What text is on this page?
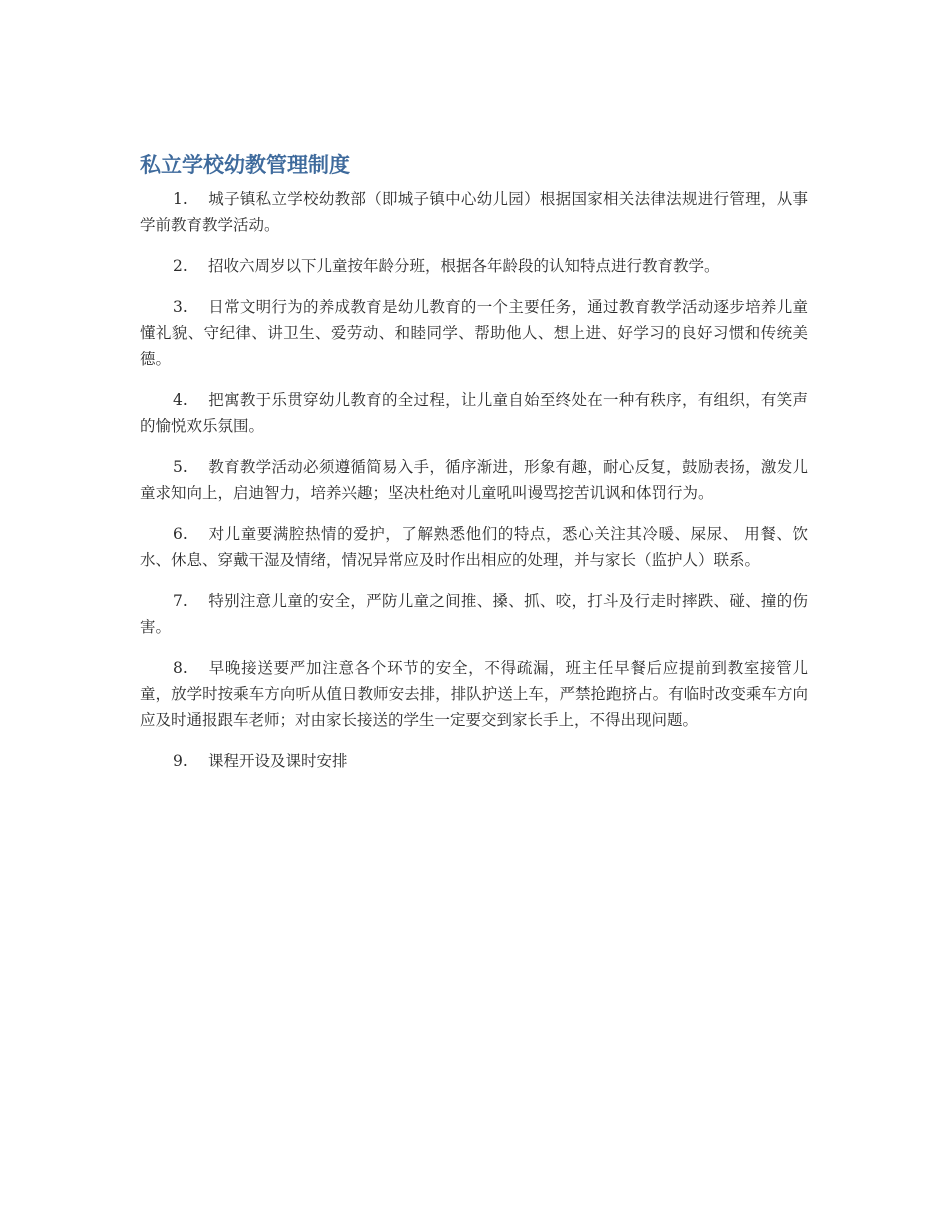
私立学校幼教管理制度

1. 城子镇私立学校幼教部（即城子镇中心幼儿园）根据国家相关法律法规进行管理，从事学前教育教学活动。

2. 招收六周岁以下儿童按年龄分班，根据各年龄段的认知特点进行教育教学。

3. 日常文明行为的养成教育是幼儿教育的一个主要任务，通过教育教学活动逐步培养儿童懂礼貌、守纪律、讲卫生、爱劳动、和睦同学、帮助他人、想上进、好学习的良好习惯和传统美德。

4. 把寓教于乐贯穿幼儿教育的全过程，让儿童自始至终处在一种有秩序，有组织，有笑声的愉悦欢乐氛围。

5. 教育教学活动必须遵循简易入手，循序渐进，形象有趣，耐心反复，鼓励表扬，激发儿童求知向上，启迪智力，培养兴趣；坚决杜绝对儿童吼叫谩骂挖苦讥讽和体罚行为。

6. 对儿童要满腔热情的爱护，了解熟悉他们的特点，悉心关注其冷暖、屎尿、 用餐、饮水、休息、穿戴干湿及情绪，情况异常应及时作出相应的处理，并与家长（监护人）联系。

7. 特别注意儿童的安全，严防儿童之间推、搡、抓、咬，打斗及行走时摔跌、碰、撞的伤害。

8. 早晚接送要严加注意各个环节的安全，不得疏漏，班主任早餐后应提前到教室接管儿童，放学时按乘车方向听从值日教师安去排，排队护送上车，严禁抢跑挤占。有临时改变乘车方向应及时通报跟车老师；对由家长接送的学生一定要交到家长手上，不得出现问题。

9. 课程开设及课时安排
